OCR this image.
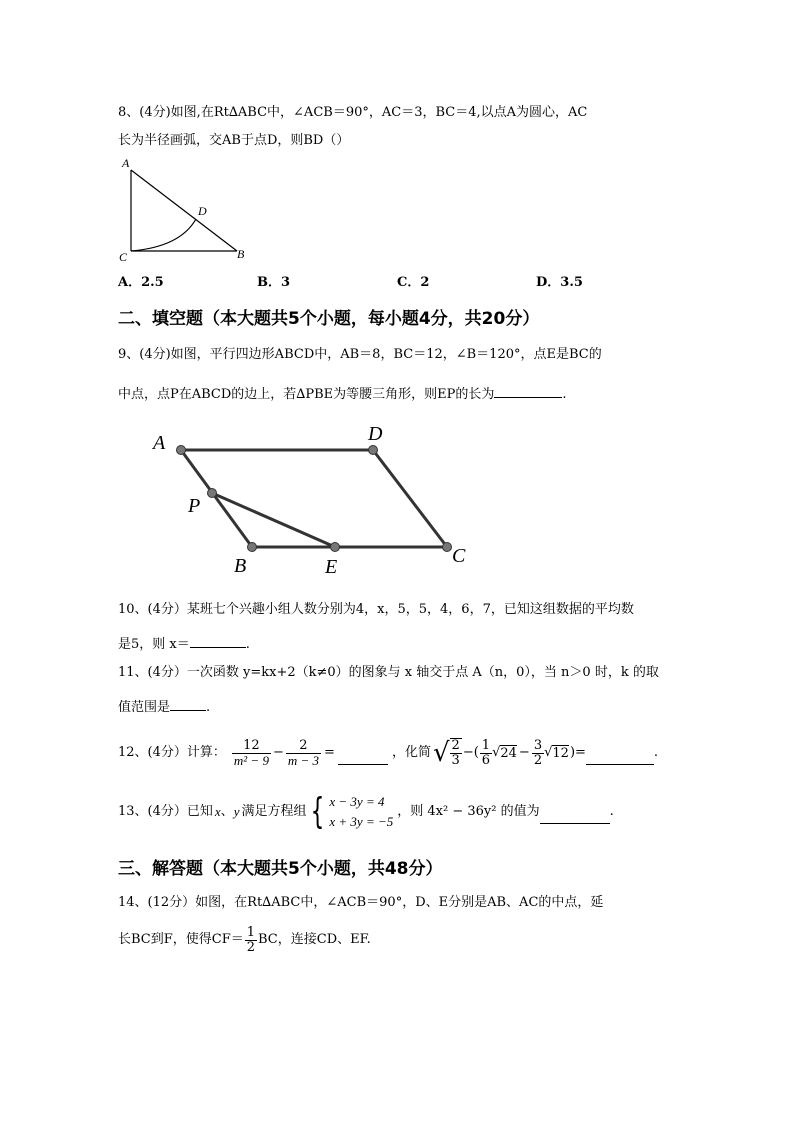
8、(4分)如图,在Rt∆ABC中，∠ACB＝90°，AC＝3，BC＝4,以点A为圆心，AC
长为半径画弧，交AB于点D，则BD（）
A
C	B
D
A．2.5	B．3	C．2	D．3.5
二、填空题（本大题共5个小题，每小题4分，共20分）
9、(4分)如图，平行四边形ABCD中，AB＝8，BC＝12，∠B＝120°，点E是BC的
中点，点P在ABCD的边上，若∆PBE为等腰三角形，则EP的长为	.
A	D
C
B	E
P
10、(4分）某班七个兴趣小组人数分别为4，x，5，5，4，6，7，已知这组数据的平均数
是5，则 x＝	.
11、(4分）一次函数 y=kx+2（k≠0）的图象与 x 轴交于点 A（n，0），当 n＞0 时，k 的取
值范围是	.
12、(4分）计算： $\frac{12}{\text{m² − 9}} - \frac{2}{m - 3}$ =	，化简 √ $\frac{2}{3}$ −( $\frac{1}{6}$ √ $24 - \frac{3}{2}$ √ 12 )=	.
13、(4分）已知 x 、 y 满足方程组 { x − 3y = 4
x + 3y = −5
，则 4x² − 36y² 的值为	.
三、解答题（本大题共5个小题，共48分）
14、(12分）如图，在Rt∆ABC中，∠ACB＝90°，D、E分别是AB、AC的中点，延
长BC到F，使得$CF= \frac{1}{2}$ BC，连接CD、EF.
